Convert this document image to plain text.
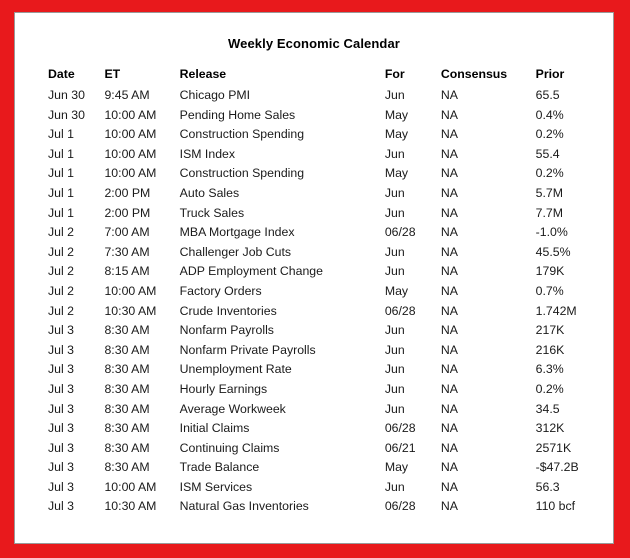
Weekly Economic Calendar
Date	ET	Release	For	Consensus	Prior
Jun 30	9:45 AM	Chicago PMI	Jun	NA	65.5
Jun 30	10:00 AM	Pending Home Sales	May	NA	0.4%
Jul 1	10:00 AM	Construction Spending	May	NA	0.2%
Jul 1	10:00 AM	ISM Index	Jun	NA	55.4
Jul 1	10:00 AM	Construction Spending	May	NA	0.2%
Jul 1	2:00 PM	Auto Sales	Jun	NA	5.7M
Jul 1	2:00 PM	Truck Sales	Jun	NA	7.7M
Jul 2	7:00 AM	MBA Mortgage Index	06/28	NA	-1.0%
Jul 2	7:30 AM	Challenger Job Cuts	Jun	NA	45.5%
Jul 2	8:15 AM	ADP Employment Change	Jun	NA	179K
Jul 2	10:00 AM	Factory Orders	May	NA	0.7%
Jul 2	10:30 AM	Crude Inventories	06/28	NA	1.742M
Jul 3	8:30 AM	Nonfarm Payrolls	Jun	NA	217K
Jul 3	8:30 AM	Nonfarm Private Payrolls	Jun	NA	216K
Jul 3	8:30 AM	Unemployment Rate	Jun	NA	6.3%
Jul 3	8:30 AM	Hourly Earnings	Jun	NA	0.2%
Jul 3	8:30 AM	Average Workweek	Jun	NA	34.5
Jul 3	8:30 AM	Initial Claims	06/28	NA	312K
Jul 3	8:30 AM	Continuing Claims	06/21	NA	2571K
Jul 3	8:30 AM	Trade Balance	May	NA	-$47.2B
Jul 3	10:00 AM	ISM Services	Jun	NA	56.3
Jul 3	10:30 AM	Natural Gas Inventories	06/28	NA	110 bcf
